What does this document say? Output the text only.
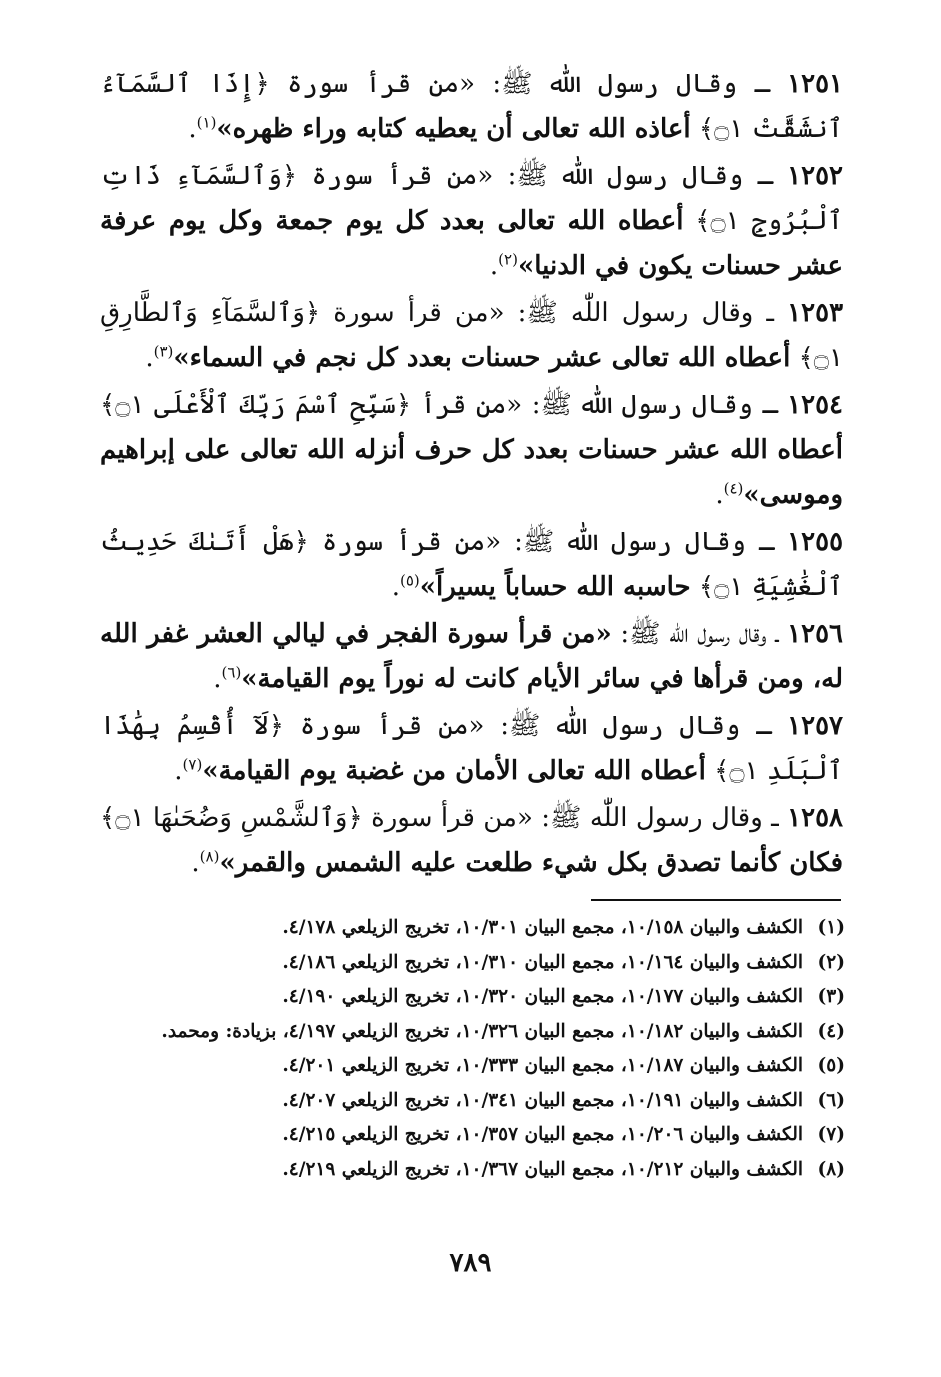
١٢٥١ ـ وقال رسول اللّٰه ﷺ: «من قرأ سورة ﴿إِذَا ٱلسَّمَآءُ ٱنشَقَّتْ ۝١﴾ أعاذه الله تعالى أن يعطيه كتابه وراء ظهره»$^{(١)}$.

١٢٥٢ ـ وقال رسول اللّٰه ﷺ: «من قرأ سورة ﴿وَٱلسَّمَآءِ ذَاتِ ٱلْبُرُوجِ ۝١﴾ أعطاه الله تعالى بعدد كل يوم جمعة وكل يوم عرفة عشر حسنات يكون في الدنيا»$^{(٢)}$.

١٢٥٣ ـ وقال رسول اللّٰه ﷺ: «من قرأ سورة ﴿وَٱلسَّمَآءِ وَٱلطَّارِقِ ۝١﴾ أعطاه الله تعالى عشر حسنات بعدد كل نجم في السماء»$^{(٣)}$.

١٢٥٤ ـ وقال رسول اللّٰه ﷺ: «من قرأ ﴿سَبِّحِ ٱسْمَ رَبِّكَ ٱلْأَعْلَى ۝١﴾ أعطاه الله عشر حسنات بعدد كل حرف أنزله الله تعالى على إبراهيم وموسى»$^{(٤)}$.

١٢٥٥ ـ وقال رسول اللّٰه ﷺ: «من قرأ سورة ﴿هَلْ أَتَىٰكَ حَدِيثُ ٱلْغَٰشِيَةِ ۝١﴾ حاسبه الله حساباً يسيراً»$^{(٥)}$.

١٢٥٦ ـ وقال رسول اللّٰه ﷺ: «من قرأ سورة الفجر في ليالي العشر غفر الله له، ومن قرأها في سائر الأيام كانت له نوراً يوم القيامة»$^{(٦)}$.

١٢٥٧ ـ وقال رسول اللّٰه ﷺ: «من قرأ سورة ﴿لَآ أُقْسِمُ بِهَٰذَا ٱلْبَلَدِ ۝١﴾ أعطاه الله تعالى الأمان من غضبة يوم القيامة»$^{(٧)}$.

١٢٥٨ ـ وقال رسول اللّٰه ﷺ: «من قرأ سورة ﴿وَٱلشَّمْسِ وَضُحَىٰهَا ۝١﴾ فكان كأنما تصدق بكل شيء طلعت عليه الشمس والقمر»$^{(٨)}$.

(١)الكشف والبيان ١٠/١٥٨، مجمع البيان ١٠/٣٠١، تخريج الزيلعي ٤/١٧٨.
(٢)الكشف والبيان ١٠/١٦٤، مجمع البيان ١٠/٣١٠، تخريج الزيلعي ٤/١٨٦.
(٣)الكشف والبيان ١٠/١٧٧، مجمع البيان ١٠/٣٢٠، تخريج الزيلعي ٤/١٩٠.
(٤)الكشف والبيان ١٠/١٨٢، مجمع البيان ١٠/٣٢٦، تخريج الزيلعي ٤/١٩٧، بزيادة: ومحمد.
(٥)الكشف والبيان ١٠/١٨٧، مجمع البيان ١٠/٣٣٣، تخريج الزيلعي ٤/٢٠١.
(٦)الكشف والبيان ١٠/١٩١، مجمع البيان ١٠/٣٤١، تخريج الزيلعي ٤/٢٠٧.
(٧)الكشف والبيان ١٠/٢٠٦، مجمع البيان ١٠/٣٥٧، تخريج الزيلعي ٤/٢١٥.
(٨)الكشف والبيان ١٠/٢١٢، مجمع البيان ١٠/٣٦٧، تخريج الزيلعي ٤/٢١٩.
٧٨٩
